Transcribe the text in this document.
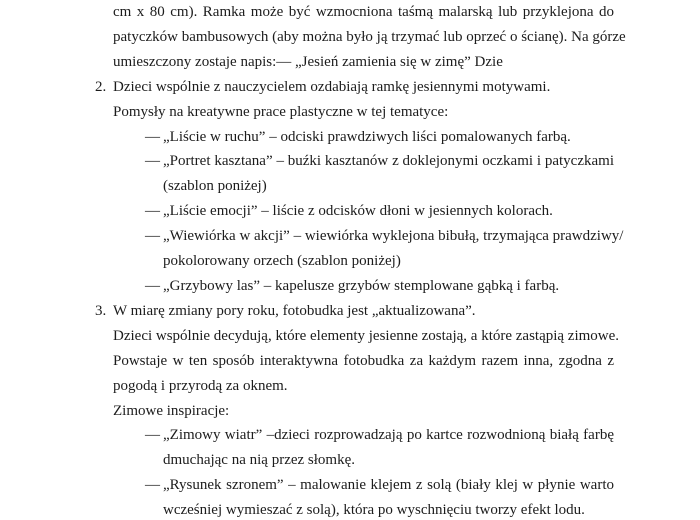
cm x 80 cm). Ramka może być wzmocniona taśmą malarską lub przyklejona do
patyczków bambusowych (aby można było ją trzymać lub oprzeć o ścianę). Na górze
umieszczony zostaje napis:— „Jesień zamienia się w zimę” Dzie
2. Dzieci wspólnie z nauczycielem ozdabiają ramkę jesiennymi motywami.
Pomysły na kreatywne prace plastyczne w tej tematyce:
— „Liście w ruchu” – odciski prawdziwych liści pomalowanych farbą.
— „Portret kasztana” – buźki kasztanów z doklejonymi oczkami i patyczkami
(szablon poniżej)
— „Liście emocji” – liście z odcisków dłoni w jesiennych kolorach.
— „Wiewiórka w akcji” – wiewiórka wyklejona bibułą, trzymająca prawdziwy/
pokolorowany orzech (szablon poniżej)
— „Grzybowy las” – kapelusze grzybów stemplowane gąbką i farbą.
3. W miarę zmiany pory roku, fotobudka jest „aktualizowana”.
Dzieci wspólnie decydują, które elementy jesienne zostają, a które zastąpią zimowe.
Powstaje w ten sposób interaktywna fotobudka za każdym razem inna, zgodna z
pogodą i przyrodą za oknem.
Zimowe inspiracje:
— „Zimowy wiatr” –dzieci rozprowadzają po kartce rozwodnioną białą farbę
dmuchając na nią przez słomkę.
— „Rysunek szronem” – malowanie klejem z solą (biały klej w płynie warto
wcześniej wymieszać z solą), która po wyschnięciu tworzy efekt lodu.
